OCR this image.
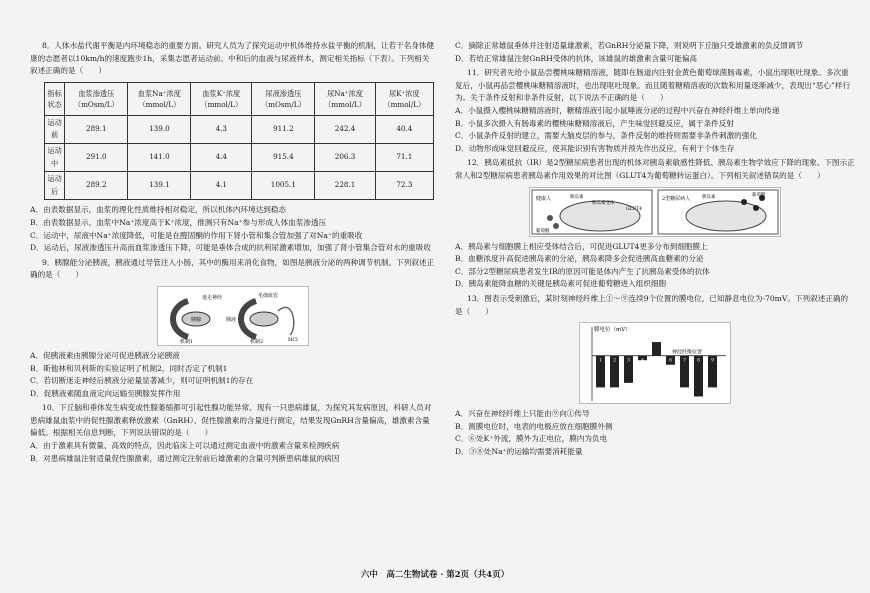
8．人体水盐代谢平衡是内环境稳态的重要方面。研究人员为了探究运动中机体维持水盐平衡的机制，让若干名身体健康的志愿者以10km/h的速度跑步1h，采集志愿者运动前、中和后的血液与尿液样本，测定相关指标（下表）。下列相关叙述正确的是（　　）

指标状态	血浆渗透压（mOsm/L）	血浆Na⁺浓度（mmol/L）	血浆K⁺浓度（mmol/L）	尿液渗透压（mOsm/L）	尿Na⁺浓度（mmol/L）	尿K⁺浓度（mmol/L）
运动前	289.1	139.0	4.3	911.2	242.4	40.4
运动中	291.0	141.0	4.4	915.4	206.3	71.1
运动后	289.2	139.1	4.1	1005.1	228.1	72.3

A．由表数据显示，血浆的理化性质维持相对稳定，所以机体内环境达到稳态

B．由表数据显示，血浆中Na⁺浓度高于K⁺浓度，推测只有Na⁺参与形成人体血浆渗透压

C．运动中，尿液中Na⁺浓度降低，可能是在醛固酮的作用下肾小管和集合管加强了对Na⁺的重吸收

D．运动后，尿液渗透压升高而血浆渗透压下降，可能是垂体合成的抗利尿激素增加，加强了肾小管集合管对水的重吸收

9．胰腺能分泌胰液，胰液通过导管注入小肠，其中的酶用来消化食物，如图是胰液分泌的两种调节机制。下列叙述正确的是（　　）

迷走神经
胰腺
机制1
毛细血管
胰液
机制2	HCl

A．促胰液素由胰腺分泌可促进胰液分泌胰液

B．斯他林和贝利斯的实验证明了机制2，同时否定了机制1

C．若切断迷走神经后胰液分泌量显著减少，则可证明机制1的存在

D．促胰液素随血液定向运输至胰腺发挥作用

10．下丘脑和垂体发生病变或性腺萎缩都可引起性腺功能异常。现有一只患病雄鼠，为探究其发病原因，科研人员对患病雄鼠血浆中的促性腺激素释放激素（GnRH）、促性腺激素的含量进行测定，结果发现GnRH含量偏高，雄激素含量偏低。根据相关信息判断，下列说法错误的是（　　）

A．由于激素具有微量、高效的特点，因此临床上可以通过测定血液中的激素含量来检测疾病

B．对患病雄鼠注射适量促性腺激素，通过测定注射前后雄激素的含量可判断患病雄鼠的病因

C．摘除正常雄鼠垂体并注射适量雄激素，若GnRH分泌量下降，则说明下丘脑只受雄激素的负反馈调节

D．若给正常雄鼠注射GnRH受体的抗体，该雄鼠的雄激素含量可能偏高

11．研究者先给小鼠品尝樱桃味糖精溶液，随即在肠道内注射金黄色葡萄球菌肠毒素，小鼠出现呕吐现象。多次重复后，小鼠再品尝樱桃味糖精溶液时，也出现呕吐现象。而且随着糖精溶液的次数和用量逐渐减少，表现出“恶心”样行为。关于条件反射和非条件反射，以下说法不正确的是（　　）

A．小鼠摄入樱桃味糖精溶液时，糖精溶液引起小鼠唾液分泌的过程中兴奋在神经纤维上单向传递

B．小鼠多次摄入有肠毒素的樱桃味糖精溶液后，产生味觉回避反应，属于条件反射

C．小鼠条件反射的建立，需要大脑皮层的参与，条件反射的维持则需要非条件刺激的强化

D．动物形成味觉回避反应，使其能识别有害物质并预先作出反应，有利于个体生存

12．胰岛素抵抗（IR）是2型糖尿病患者出现的机体对胰岛素敏感性降低、胰岛素生物学效应下降的现象。下图示正常人和2型糖尿病患者胰岛素作用效果的对比图（GLUT4为葡萄糖转运蛋白）。下列相关叙述错误的是（　　）

健康人	胰岛素
胰岛素受体
GLUT4
葡萄糖
2型糖尿病人	胰岛素	葡萄糖

A．胰岛素与细胞膜上相应受体结合后，可促进GLUT4更多分布到细胞膜上

B．血糖浓度升高促进胰岛素的分泌，胰岛素降多会促进胰高血糖素的分泌

C．部分2型糖尿病患者发生IR的原因可能是体内产生了抗胰岛素受体的抗体

D．胰岛素能降血糖的关键是胰岛素可促进葡萄糖进入组织细胞

13．图表示受刺激后，某时刻神经纤维上①～⑨连续9个位置的膜电位，已知静息电位为-70mV。下列叙述正确的是（　　）

膜电位（mV）
神经纤维位置
1 2 3 4
5
6 7 8 9

A．兴奋在神经纤维上只能由⑨向①传导

B．测膜电位时，电表的电极应放在细胞膜外侧

C．⑥处K⁺外流，膜外为正电位，膜内为负电

D．③⑧处Na⁺的运输均需要消耗能量

六中　高二生物试卷 · 第2页（共4页）
